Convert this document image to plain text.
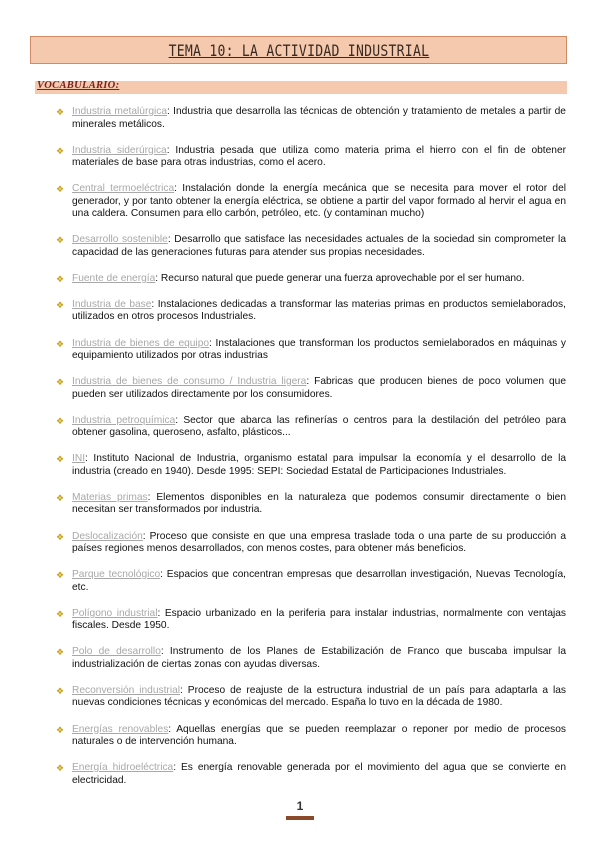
TEMA 10: LA ACTIVIDAD INDUSTRIAL
VOCABULARIO:
❖ Industria metalúrgica: Industria que desarrolla las técnicas de obtención y tratamiento de metales a partir de minerales metálicos.
❖ Industria siderúrgica: Industria pesada que utiliza como materia prima el hierro con el fin de obtener materiales de base para otras industrias, como el acero.
❖ Central termoeléctrica: Instalación donde la energía mecánica que se necesita para mover el rotor del generador, y por tanto obtener la energía eléctrica, se obtiene a partir del vapor formado al hervir el agua en una caldera. Consumen para ello carbón, petróleo, etc. (y contaminan mucho)
❖ Desarrollo sostenible: Desarrollo que satisface las necesidades actuales de la sociedad sin comprometer la capacidad de las generaciones futuras para atender sus propias necesidades.
❖ Fuente de energía: Recurso natural que puede generar una fuerza aprovechable por el ser humano.
❖ Industria de base: Instalaciones dedicadas a transformar las materias primas en productos semielaborados, utilizados en otros procesos Industriales.
❖ Industria de bienes de equipo: Instalaciones que transforman los productos semielaborados en máquinas y equipamiento utilizados por otras industrias
❖ Industria de bienes de consumo / Industria ligera: Fabricas que producen bienes de poco volumen que pueden ser utilizados directamente por los consumidores.
❖ Industria petroquímica: Sector que abarca las refinerías o centros para la destilación del petróleo para obtener gasolina, queroseno, asfalto, plásticos...
❖ INI: Instituto Nacional de Industria, organismo estatal para impulsar la economía y el desarrollo de la industria (creado en 1940). Desde 1995: SEPI: Sociedad Estatal de Participaciones Industriales.
❖ Materias primas: Elementos disponibles en la naturaleza que podemos consumir directamente o bien necesitan ser transformados por industria.
❖ Deslocalización: Proceso que consiste en que una empresa traslade toda o una parte de su producción a países regiones menos desarrollados, con menos costes, para obtener más beneficios.
❖ Parque tecnológico: Espacios que concentran empresas que desarrollan investigación, Nuevas Tecnología, etc.
❖ Polígono industrial: Espacio urbanizado en la periferia para instalar industrias, normalmente con ventajas fiscales. Desde 1950.
❖ Polo de desarrollo: Instrumento de los Planes de Estabilización de Franco que buscaba impulsar la industrialización de ciertas zonas con ayudas diversas.
❖ Reconversión industrial: Proceso de reajuste de la estructura industrial de un país para adaptarla a las nuevas condiciones técnicas y económicas del mercado. España lo tuvo en la década de 1980.
❖ Energías renovables: Aquellas energías que se pueden reemplazar o reponer por medio de procesos naturales o de intervención humana.
❖ Energía hidroeléctrica: Es energía renovable generada por el movimiento del agua que se convierte en electricidad.
1
